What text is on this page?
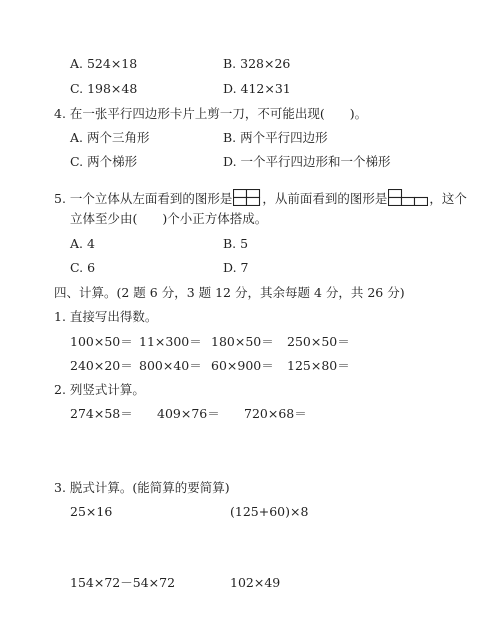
A. 524×18	B. 328×26
C. 198×48	D. 412×31
4. 在一张平行四边形卡片上剪一刀，不可能出现(　　)。
A. 两个三角形	B. 两个平行四边形
C. 两个梯形	D. 一个平行四边形和一个梯形
5. 一个立体从左面看到的图形是 ，从前面看到的图形是	，这个
立体至少由(　　)个小正方体搭成。
A. 4	B. 5
C. 6	D. 7
四、计算。(2 题 6 分，3 题 12 分，其余每题 4 分，共 26 分)
1. 直接写出得数。
100×50＝ 11×300＝ 180×50＝ 250×50＝
240×20＝ 800×40＝ 60×900＝ 125×80＝
2. 列竖式计算。
274×58＝ 409×76＝ 720×68＝
3. 脱式计算。(能简算的要简算)
25×16	(125+60)×8
154×72－54×72	102×49
